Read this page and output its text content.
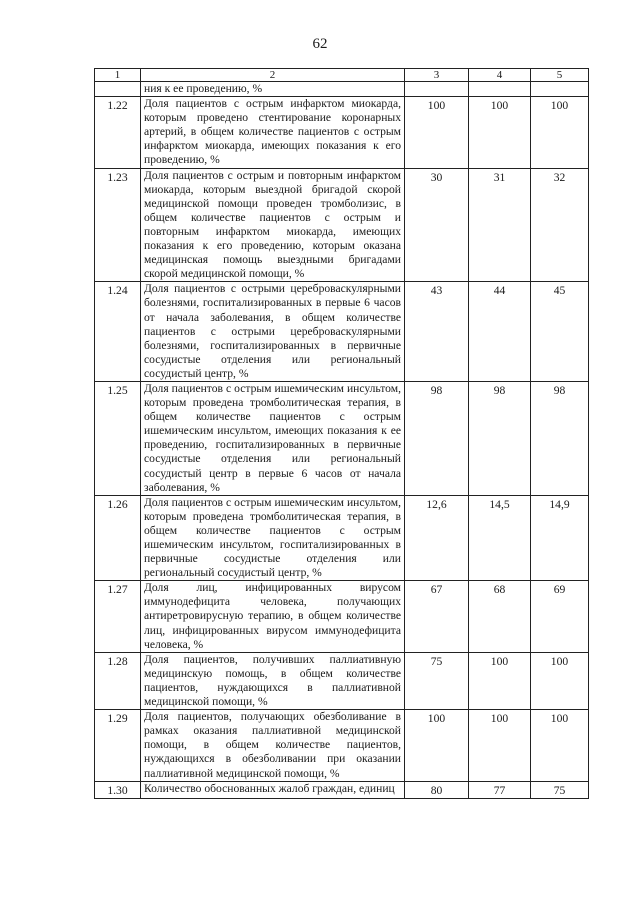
62
1	2	3	4	5
	ния к ее проведению, %			
1.22	Доля пациентов с острым инфарктом миокарда, которым проведено стентирование коронарных артерий, в общем количестве пациентов с острым инфарктом миокарда, имеющих показания к его проведению, %	100	100	100
1.23	Доля пациентов с острым и повторным инфарктом миокарда, которым выездной бригадой скорой медицинской помощи проведен тромболизис, в общем количестве пациентов с острым и повторным инфарктом миокарда, имеющих показания к его проведению, которым оказана медицинская помощь выездными бригадами скорой медицинской помощи, %	30	31	32
1.24	Доля пациентов с острыми цереброваскулярными болезнями, госпитализированных в первые 6 часов от начала заболевания, в общем количестве пациентов с острыми цереброваскулярными болезнями, госпитализированных в первичные сосудистые отделения или региональный сосудистый центр, %	43	44	45
1.25	Доля пациентов с острым ишемическим инсультом, которым проведена тромболитическая терапия, в общем количестве пациентов с острым ишемическим инсультом, имеющих показания к ее проведению, госпитализированных в первичные сосудистые отделения или региональный сосудистый центр в первые 6 часов от начала заболевания, %	98	98	98
1.26	Доля пациентов с острым ишемическим инсультом, которым проведена тромболитическая терапия, в общем количестве пациентов с острым ишемическим инсультом, госпитализированных в первичные сосудистые отделения или региональный сосудистый центр, %	12,6	14,5	14,9
1.27	Доля лиц, инфицированных вирусом иммунодефицита человека, получающих антиретровирусную терапию, в общем количестве лиц, инфицированных вирусом иммунодефицита человека, %	67	68	69
1.28	Доля пациентов, получивших паллиативную медицинскую помощь, в общем количестве пациентов, нуждающихся в паллиативной медицинской помощи, %	75	100	100
1.29	Доля пациентов, получающих обезболивание в рамках оказания паллиативной медицинской помощи, в общем количестве пациентов, нуждающихся в обезболивании при оказании паллиативной медицинской помощи, %	100	100	100
1.30	Количество обоснованных жалоб граждан, единиц	80	77	75
